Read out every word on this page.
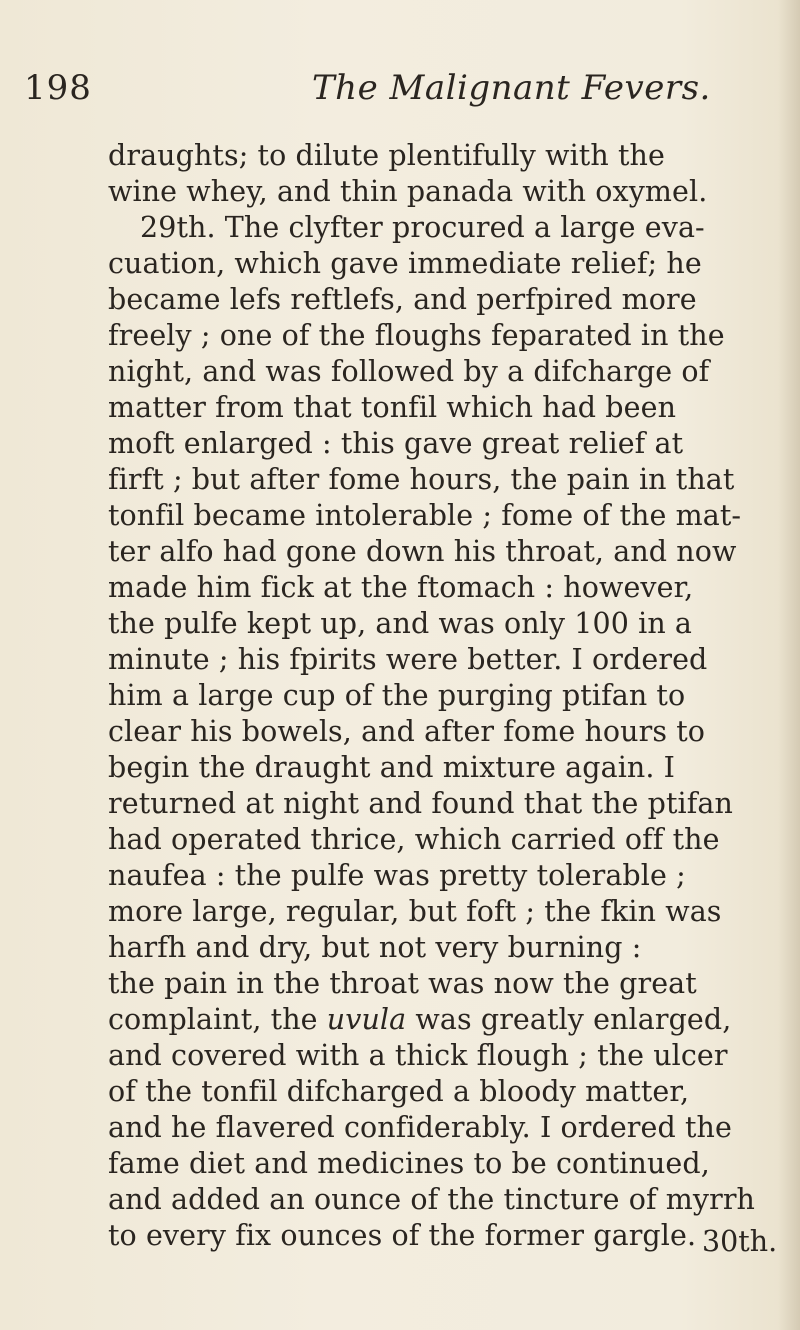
198	The Malignant Fevers.
draughts; to dilute plentifully with the
wine whey, and thin panada with oxymel.
29th. The clyfter procured a large eva-
cuation, which gave immediate relief; he
became lefs reftlefs, and perfpired more
freely ; one of the floughs feparated in the
night, and was followed by a difcharge of
matter from that tonfil which had been
moft enlarged : this gave great relief at
firft ; but after fome hours, the pain in that
tonfil became intolerable ; fome of the mat-
ter alfo had gone down his throat, and now
made him fick at the ftomach : however,
the pulfe kept up, and was only 100 in a
minute ; his fpirits were better. I ordered
him a large cup of the purging ptifan to
clear his bowels, and after fome hours to
begin the draught and mixture again. I
returned at night and found that the ptifan
had operated thrice, which carried off the
naufea : the pulfe was pretty tolerable ;
more large, regular, but foft ; the fkin was
harfh and dry, but not very burning :
the pain in the throat was now the great
complaint, the uvula was greatly enlarged,
and covered with a thick flough ; the ulcer
of the tonfil difcharged a bloody matter,
and he flavered confiderably. I ordered the
fame diet and medicines to be continued,
and added an ounce of the tincture of myrrh
to every fix ounces of the former gargle. 30th.
